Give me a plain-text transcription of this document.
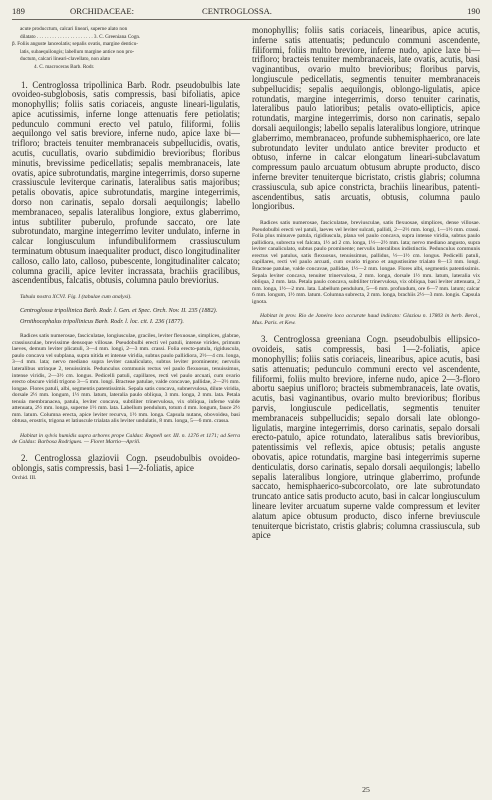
189	ORCHIDACEAE:	CENTROGLOSSA.	190

acute producctum, calcari lineari, superne alato non

dilatato . . . . . . . . . . . . . . . . . . . . . . 3. C. Greeniana Cogn.

β. Foliis anguste lanceolatis; sepalis ovatis, margine denticu-

latis, subaequilongis; labellum margine antice non pro-

ductum, calcari lineari-clavellato, non alato

4. C. macroceras Barb. Rodr.

1. Centroglossa tripollinica Barb. Rodr. pseudobulbis late ovoideo-subglobosis, satis compressis, basi bifoliatis, apice monophyllis; foliis satis coriaceis, anguste lineari-ligulatis, apice acutissimis, inferne longe attenuatis fere petiolatis; pedunculo communi erecto vel patulo, filiformi, foliis aequilongo vel satis breviore, inferne nudo, apice laxe bi—trifloro; bracteis tenuiter membranaceis subpellucidis, ovatis, acutis, cucullatis, ovario subdimidio brevioribus; floribus minutis, brevissime pedicellatis; sepalis membranaceis, late ovatis, apice subrotundatis, margine integerrimis, dorso superne crassiuscule leviterque carinatis, lateralibus satis majoribus; petalis obovatis, apice subrotundatis, margine integerrimis, dorso non carinatis, sepalo dorsali aequilongis; labello membranaceo, sepalis lateralibus longiore, extus glaberrimo, intus subtiliter puberulo, profunde saccato, ore late subrotundato, margine integerrimo leviter undulato, inferne in calcar longiusculum infundibuliformem crassiusculum terminatum obtusum inaequaliter product, disco longitudinaliter calloso, callo lato, calloso, pubescente, longitudinaliter calcato; columna gracili, apice leviter incrassata, brachiis gracilibus, ascendentibus, falcatis, obtusis, columna paulo breviorius.

Tabula nostra XCVI. Fig. I (tabulae cum analysi).

Centroglossa tripollinica Barb. Rodr. l. Gen. et Spec. Orch. Nov. II. 235 (1882).

Ornithocephalus tripollinicus Barb. Rodr. l. loc. cit. I. 236 (1877).

Radices satis numerosae, fasciculatae, longiusculae, graciles, leviter flexuosae, simplices, glabrae, crassiusculae, brevissime densoque villosae. Pseudobulbi erecti vel patuli, intense virides, primum laeves, demum leviter plicatuli, 3—4 mm. longi, 2—3 mm. crassi. Folia erecto-patula, rigiduscula, paulo concava vel subplana, supra nitida et intense viridia, subtus paulo pallidiora, 2½—4 cm. longa, 3—4 mm. lata; nervo mediano supra leviter canaliculato, subtus leviter prominente; nervulis lateralibus utrinque 2, tenuissimis. Pedunculus communis rectus vel paulo flexuosus, tenuissimus, intense viridis, 2—3½ cm. longus. Pedicelli patuli, capillares, recti vel paulo arcuati, cum ovario erecto obscure viridi trigono 3—5 mm. longi. Bracteae patulae, valde concavae, pallidae, 2—2½ mm. longae. Flores patuli, albi, segmentis patentissimis. Sepala satis concava, subnervulosa, dilute viridia, dorsale 2½ mm. longum, 1½ mm. latum, lateralia paulo obliqua, 3 mm. longa, 2 mm. lata. Petala tenuia membranacea, patula, leviter concava, subtiliter trinervulosa, vix obliqua, inferne valde attenuata, 2½ mm. longa, superne 1½ mm. lata. Labellum pendulum, totum 4 mm. longum, fauce 2½ mm. latum. Columna erecta, apice leviter recurva, 1½ mm. longa. Capsula nutans, obovoidea, basi obtusa, erostris, trigona et latiuscule trialata alis leviter undulatis, 8 mm. longa, 5—6 mm. crassa.

Habitat in sylvis humidis supra arbores prope Caldas: Regnell ser. III. n. 1276 et 1171; ad Serra de Caldas: Barbosa Rodrigues. — Floret Martio—Aprili.

2. Centroglossa glaziovii Cogn. pseudobulbis ovoideo-oblongis, satis compressis, basi 1—2-foliatis, apice

Orchid. III.

monophyllis; foliis satis coriaceis, linearibus, apice acutis, inferne satis attenuatis; pedunculo communi ascendente, filiformi, foliis multo breviore, inferne nudo, apice laxe bi—trifloro; bracteis tenuiter membranaceis, late ovatis, acutis, basi vaginantibus, ovario multo brevioribus; floribus parvis, longiuscule pedicellatis, segmentis tenuiter membranaceis subpellucidis; sepalis aequilongis, oblongo-ligulatis, apice rotundatis, margine integerrimis, dorso tenuiter carinatis, lateralibus paulo latioribus; petalis ovato-ellipticis, apice rotundatis, margine integerrimis, dorso non carinatis, sepalo dorsali aequilongis; labello sepalis lateralibus longiore, utrinque glaberrimo, membranaceo, profunde subhemisphaerico, ore late subrotundato leviter undulato antice breviter producto et obtuso, inferne in calcar elongatum lineari-subclavatum compressum paulo arcuatum obtusum abrupte producto, disco inferne breviter tenuiterque bicristato, cristis glabris; columna crassiuscula, sub apice constricta, brachiis linearibus, patenti-ascendentibus, satis arcuatis, obtusis, columna paulo longioribus.

Radices satis numerosae, fasciculatae, breviusculae, satis flexuosae, simplices, dense villosae. Pseudobulbi erecti vel patuli, laeves vel leviter sulcati, pallidi, 2—2½ mm. longi, 1—1½ mm. crassi. Folia plus minusve patula, rigidiuscula, plana vel paulo concava, supra intense viridia, subtus paulo pallidiora, subrecta vel falcata, 1½ ad 2 cm. longa, 1½—2½ mm. lata; nervo mediano angusto, supra leviter canaliculato, subtus paulo prominente; nervulis lateralibus indistinctis. Pedunculus communis erectus vel patulus, satis flexuosus, tenuissimus, pallidus, ½—1½ cm. longus. Pedicelli patuli, capillares, recti vel paulo arcuati, cum ovario trigono et angustissime trialato 8—13 mm. longi. Bracteae patulae, valde concavae, pallidae, 1½—2 mm. longae. Flores albi, segmentis patentissimis. Sepala leviter concava, tenuiter trinervulosa, 2 mm. longa, dorsale 1½ mm. latum, lateralia vix obliqua, 2 mm. lata. Petala paulo concava, subtiliter trinervulosa, vix obliqua, basi leviter attenuata, 2 mm. longa, 1½—2 mm. lata. Labellum pendulum, 5—6 mm. profundum, ore 6—7 mm. latum; calcar 6 mm. longum, 1½ mm. latum. Columna subrecta, 2 mm. longa, brachiis 2½—3 mm. longis. Capsula ignota.

Habitat in prov. Rio de Janeiro loco accurate haud indicato: Glaziou n. 17803 in herb. Berol., Mus. Paris. et Kew.

3. Centroglossa greeniana Cogn. pseudobulbis ellipsico-ovoideis, satis compressis, basi 1—2-foliatis, apice monophyllis; foliis satis coriaceis, linearibus, apice acutis, basi satis attenuatis; pedunculo communi erecto vel ascendente, filiformi, foliis multo breviore, inferne nudo, apice 2—3-floro abortu saepius unifloro; bracteis submembranaceis, late ovatis, acutis, basi vaginantibus, ovario multo brevioribus; floribus parvis, longiuscule pedicellatis, segmentis tenuiter membranaceis subpellucidis; sepalo dorsali late oblongo-ligulatis, margine integerrimis, dorso carinatis, sepalo dorsali erecto-patulo, apice rotundato, lateralibus satis brevioribus, patentissimis vel reflexis, apice obtusis; petalis anguste obovatis, apice rotundatis, margine basi integerrimis superne denticulatis, dorso carinatis, sepalo dorsali aequilongis; labello sepalis lateralibus longiore, utrinque glaberrimo, profunde saccato, hemisphaerico-subcorcolato, ore late subrotundato truncato antice satis producto acuto, basi in calcar longiusculum lineare leviter arcuatum superne valde compressum et leviter alatum apice obtusum producto, disco inferne breviuscule tenuiterque bicristato, cristis glabris; columna crassiuscula, sub apice

25
